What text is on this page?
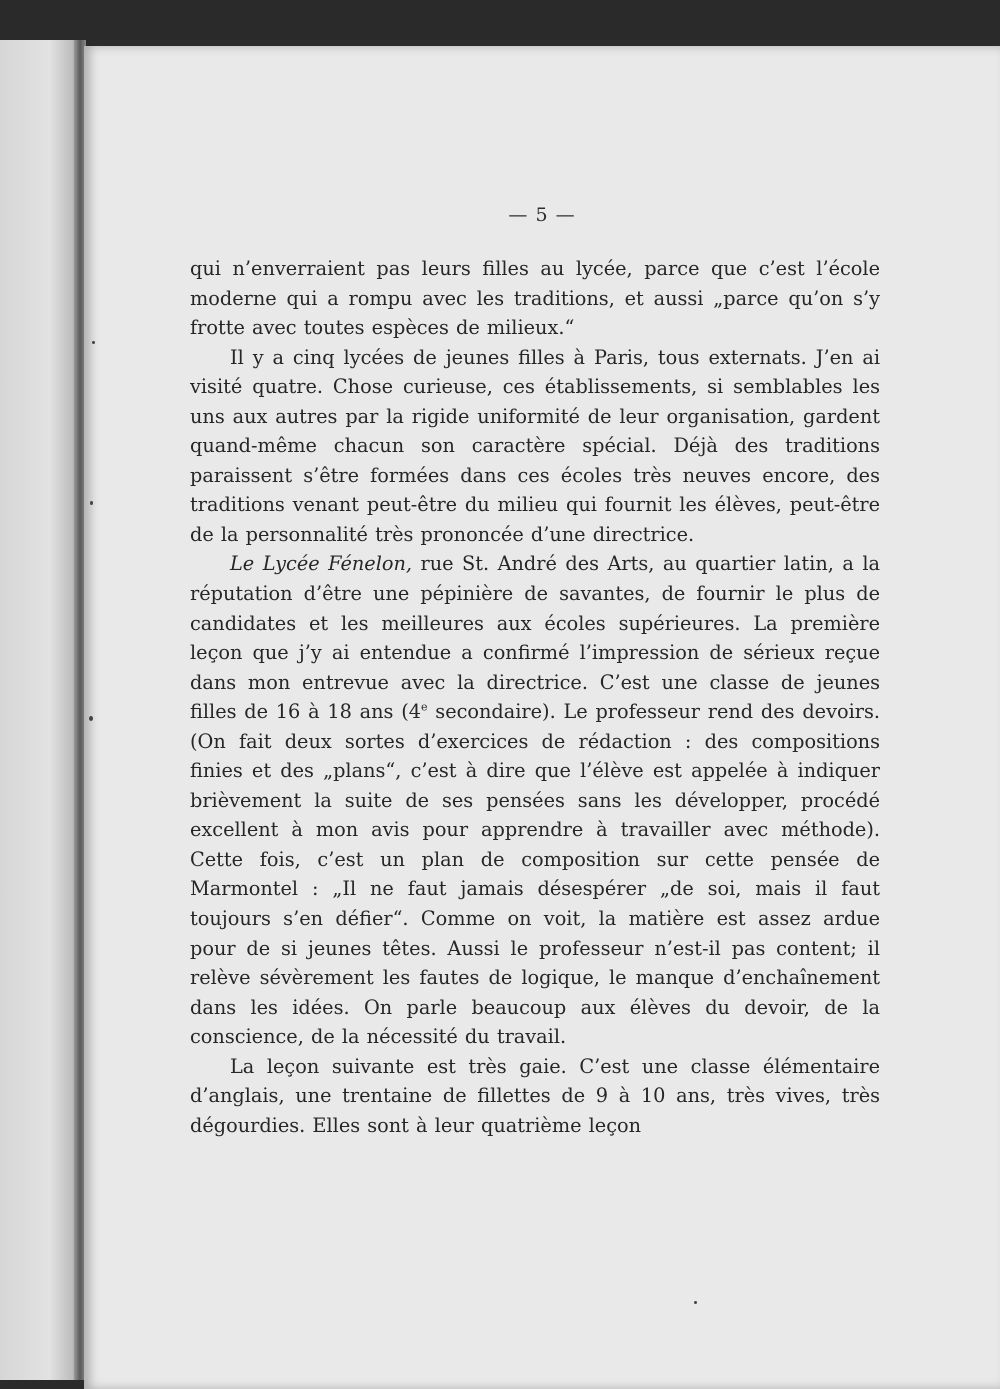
— 5 —

qui n’enverraient pas leurs filles au lycée, parce que c’est l’école moderne qui a rompu avec les traditions, et aussi „parce qu’on s’y frotte avec toutes espèces de milieux.“

Il y a cinq lycées de jeunes filles à Paris, tous externats. J’en ai visité quatre. Chose curieuse, ces établissements, si semblables les uns aux autres par la rigide uniformité de leur organisation, gardent quand-même chacun son caractère spécial. Déjà des traditions paraissent s’être formées dans ces écoles très neuves encore, des traditions venant peut-être du milieu qui fournit les élèves, peut-être de la personnalité très prononcée d’une directrice.

Le Lycée Fénelon, rue St. André des Arts, au quartier latin, a la réputation d’être une pépinière de savantes, de fournir le plus de candidates et les meilleures aux écoles supérieures. La première leçon que j’y ai entendue a confirmé l’impression de sérieux reçue dans mon entrevue avec la directrice. C’est une classe de jeunes filles de 16 à 18 ans (4e secondaire). Le professeur rend des devoirs. (On fait deux sortes d’exercices de rédaction : des compositions finies et des „plans“, c’est à dire que l’élève est appelée à indiquer brièvement la suite de ses pensées sans les développer, procédé excellent à mon avis pour apprendre à travailler avec méthode). Cette fois, c’est un plan de composition sur cette pensée de Marmontel : „Il ne faut jamais désespérer „de soi, mais il faut toujours s’en défier“. Comme on voit, la matière est assez ardue pour de si jeunes têtes. Aussi le professeur n’est-il pas content; il relève sévèrement les fautes de logique, le manque d’enchaînement dans les idées. On parle beaucoup aux élèves du devoir, de la conscience, de la nécessité du travail.

La leçon suivante est très gaie. C’est une classe élémentaire d’anglais, une trentaine de fillettes de 9 à 10 ans, très vives, très dégourdies. Elles sont à leur quatrième leçon
